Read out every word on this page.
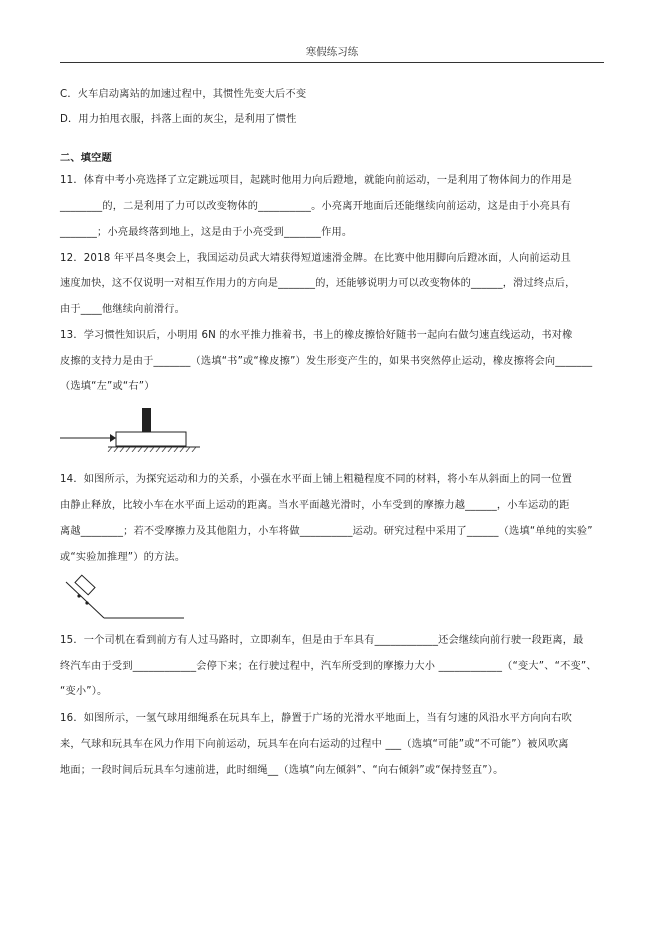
寒假练习练
C．火车启动离站的加速过程中，其惯性先变大后不变
D．用力拍甩衣服，抖落上面的灰尘，是利用了惯性
二、填空题
11．体育中考小亮选择了立定跳远项目，起跳时他用力向后蹬地，就能向前运动，一是利用了物体间力的作用是
________的，二是利用了力可以改变物体的__________。小亮离开地面后还能继续向前运动，这是由于小亮具有
_______；小亮最终落到地上，这是由于小亮受到_______作用。
12．2018 年平昌冬奥会上，我国运动员武大靖获得短道速滑金牌。在比赛中他用脚向后蹬冰面，人向前运动且
速度加快，这不仅说明一对相互作用力的方向是_______的，还能够说明力可以改变物体的______，滑过终点后，
由于____他继续向前滑行。
13．学习惯性知识后，小明用 6N 的水平推力推着书，书上的橡皮擦恰好随书一起向右做匀速直线运动，书对橡
皮擦的支持力是由于_______（选填“书”或“橡皮擦”）发生形变产生的，如果书突然停止运动，橡皮擦将会向_______
（选填“左”或“右”）
14．如图所示，为探究运动和力的关系，小强在水平面上铺上粗糙程度不同的材料，将小车从斜面上的同一位置
由静止释放，比较小车在水平面上运动的距离。当水平面越光滑时，小车受到的摩擦力越______，小车运动的距
离越________；若不受摩擦力及其他阻力，小车将做__________运动。研究过程中采用了______（选填“单纯的实验”
或“实验加推理”）的方法。
15．一个司机在看到前方有人过马路时，立即刹车，但是由于车具有____________还会继续向前行驶一段距离，最
终汽车由于受到____________会停下来；在行驶过程中，汽车所受到的摩擦力大小 ____________（“变大”、“不变”、
“变小”）。
16．如图所示，一氢气球用细绳系在玩具车上，静置于广场的光滑水平地面上，当有匀速的风沿水平方向向右吹
来，气球和玩具车在风力作用下向前运动，玩具车在向右运动的过程中 ___（选填“可能”或“不可能”）被风吹离
地面；一段时间后玩具车匀速前进，此时细绳__（选填“向左倾斜”、“向右倾斜”或“保持竖直”）。
